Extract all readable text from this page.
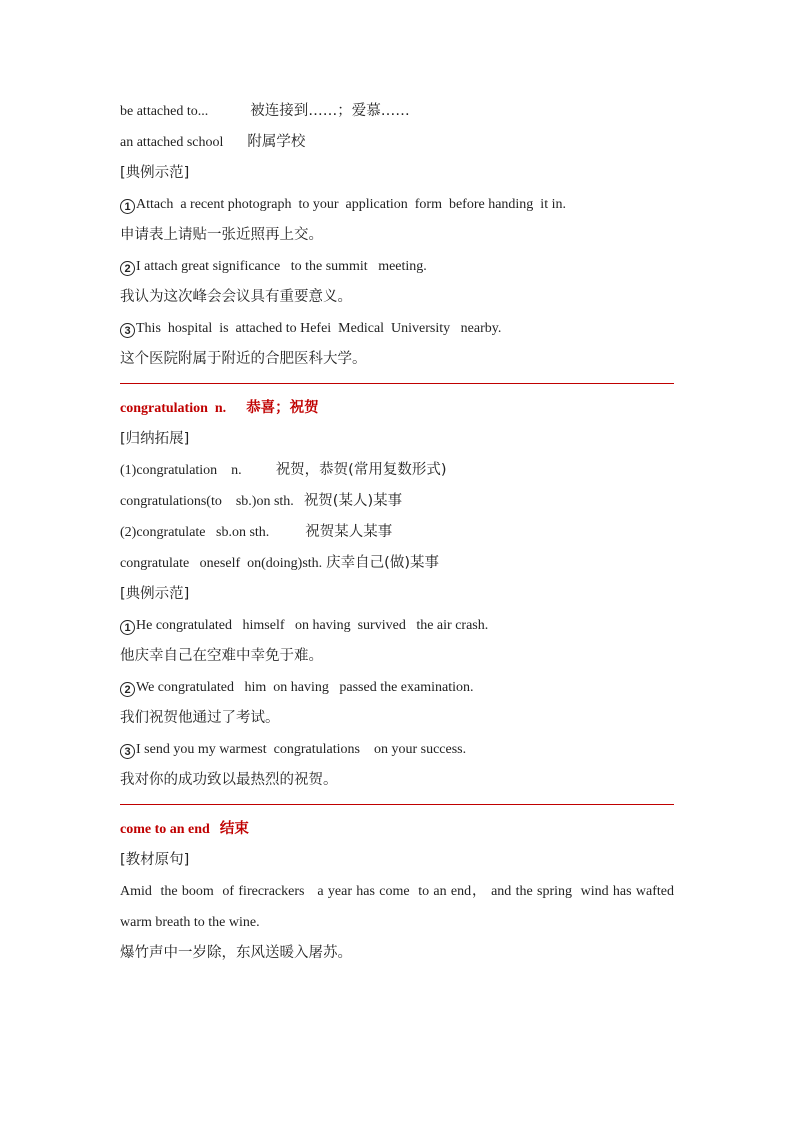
be attached to...	被连接到……；爱慕……
an attached school 附属学校
[典例示范]
1 Attach  a recent photograph  to your  application  form  before handing  it in.
申请表上请贴一张近照再上交。
2 I attach great significance   to the summit   meeting.
我认为这次峰会会议具有重要意义。
3 This  hospital  is  attached to Hefei  Medical  University   nearby.
这个医院附属于附近的合肥医科大学。
congratulation  n. 恭喜；祝贺
[归纳拓展]
(1)congratulation    n. 祝贺，恭贺(常用复数形式)
congratulations(to    sb.)on sth. 祝贺(某人)某事
(2)congratulate   sb.on sth. 祝贺某人某事
congratulate   oneself  on(doing)sth. 庆幸自己(做)某事
[典例示范]
1 He congratulated   himself   on having  survived   the air crash.
他庆幸自己在空难中幸免于难。
2 We congratulated   him  on having   passed the examination.
我们祝贺他通过了考试。
3 I send you my warmest  congratulations    on your success.
我对你的成功致以最热烈的祝贺。
come to an end 结束
[教材原句]
Amid  the boom  of firecrackers   a year has come  to an end， and the spring  wind has wafted warm breath to the wine.
爆竹声中一岁除，东风送暖入屠苏。
